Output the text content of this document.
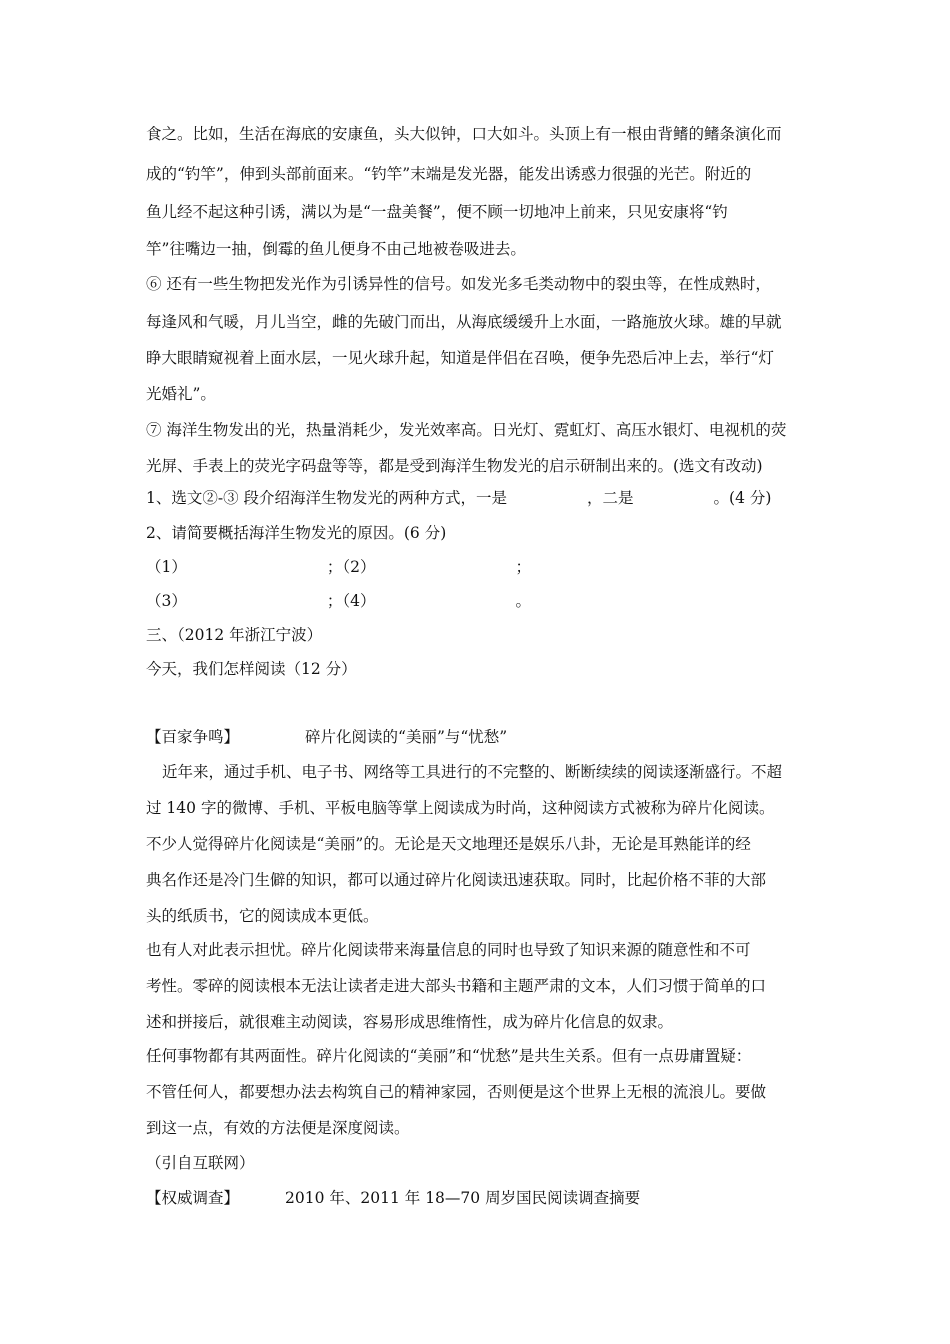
食之。比如，生活在海底的安康鱼，头大似钟，口大如斗。头顶上有一根由背鳍的鳍条演化而
成的“钓竿”，伸到头部前面来。“钓竿”末端是发光器，能发出诱惑力很强的光芒。附近的
鱼儿经不起这种引诱，满以为是“一盘美餐”，便不顾一切地冲上前来，只见安康将“钓
竿”往嘴边一抽，倒霉的鱼儿便身不由己地被卷吸进去。
⑥ 还有一些生物把发光作为引诱异性的信号。如发光多毛类动物中的裂虫等，在性成熟时，
每逢风和气暖，月儿当空，雌的先破门而出，从海底缓缓升上水面，一路施放火球。雄的早就
睁大眼睛窥视着上面水层，一见火球升起，知道是伴侣在召唤，便争先恐后冲上去，举行“灯
光婚礼”。
⑦ 海洋生物发出的光，热量消耗少，发光效率高。日光灯、霓虹灯、高压水银灯、电视机的荧
光屏、手表上的荧光字码盘等等，都是受到海洋生物发光的启示研制出来的。(选文有改动)
1、选文②-③ 段介绍海洋生物发光的两种方式，一是	，二是	。(4 分)
2、请简要概括海洋生物发光的原因。(6 分)
（1）	；（2）	；
（3）	；（4）	。
三、（2012 年浙江宁波）
今天，我们怎样阅读（12 分）
【百家争鸣】	碎片化阅读的“美丽”与“忧愁”
近年来，通过手机、电子书、网络等工具进行的不完整的、断断续续的阅读逐渐盛行。不超
过 140 字的微博、手机、平板电脑等掌上阅读成为时尚，这种阅读方式被称为碎片化阅读。
不少人觉得碎片化阅读是“美丽”的。无论是天文地理还是娱乐八卦，无论是耳熟能详的经
典名作还是冷门生僻的知识，都可以通过碎片化阅读迅速获取。同时，比起价格不菲的大部
头的纸质书，它的阅读成本更低。
也有人对此表示担忧。碎片化阅读带来海量信息的同时也导致了知识来源的随意性和不可
考性。零碎的阅读根本无法让读者走进大部头书籍和主题严肃的文本，人们习惯于简单的口
述和拼接后，就很难主动阅读，容易形成思维惰性，成为碎片化信息的奴隶。
任何事物都有其两面性。碎片化阅读的“美丽”和“忧愁”是共生关系。但有一点毋庸置疑：
不管任何人，都要想办法去构筑自己的精神家园，否则便是这个世界上无根的流浪儿。要做
到这一点，有效的方法便是深度阅读。
（引自互联网）
【权威调查】	2010 年、2011 年 18—70 周岁国民阅读调查摘要
